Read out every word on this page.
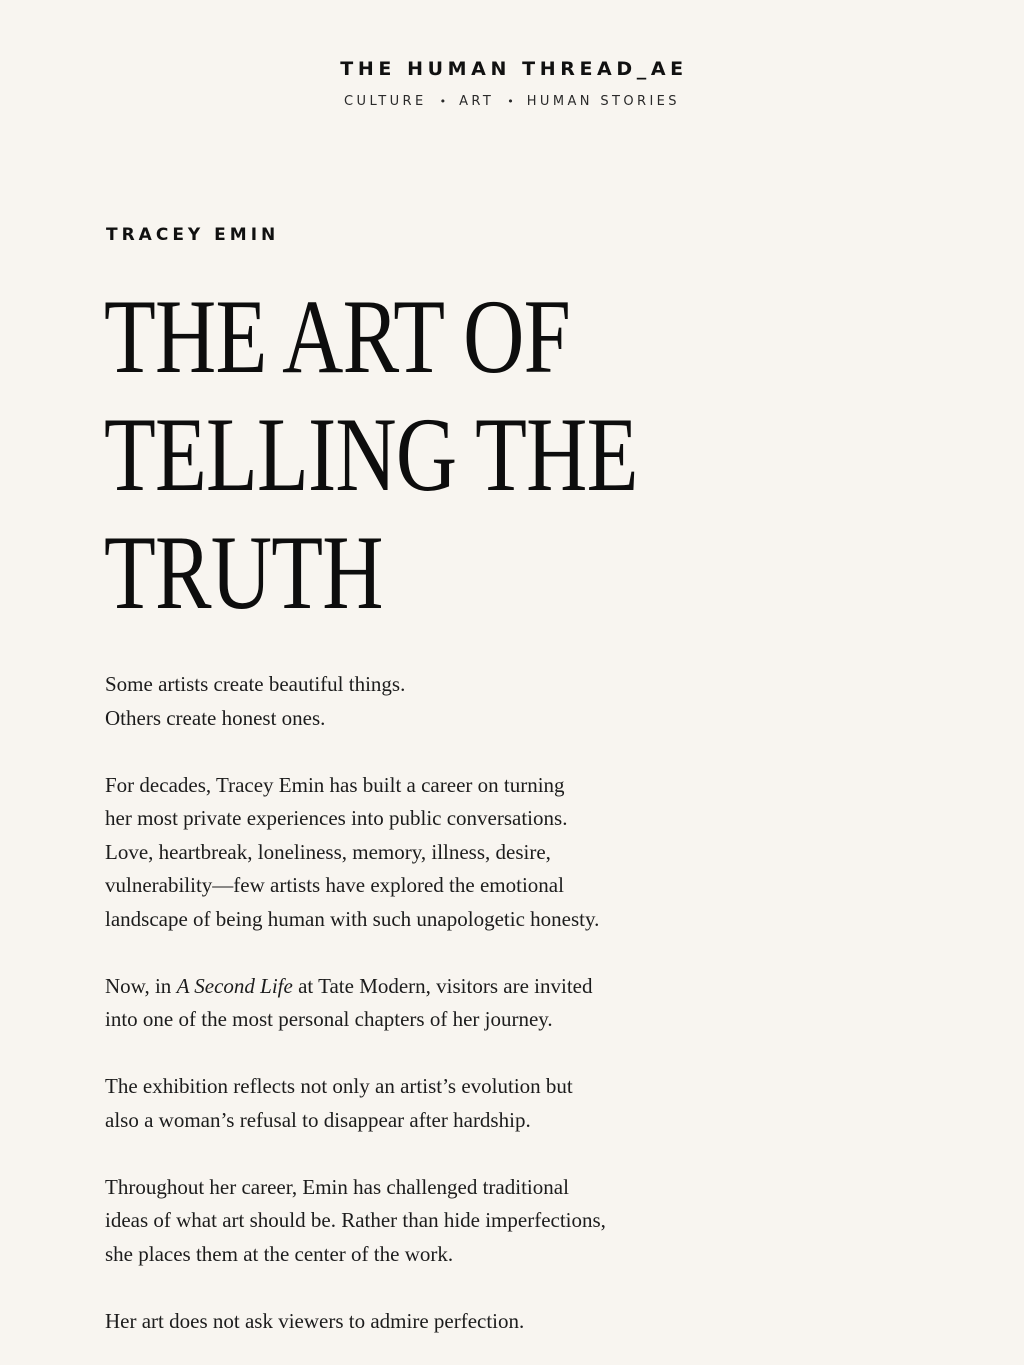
THE HUMAN THREAD_AE
CULTURE • ART • HUMAN STORIES
TRACEY EMIN
THE ART OF
TELLING THE
TRUTH

Some artists create beautiful things.
Others create honest ones.

For decades, Tracey Emin has built a career on turning
her most private experiences into public conversations.
Love, heartbreak, loneliness, memory, illness, desire,
vulnerability—few artists have explored the emotional
landscape of being human with such unapologetic honesty.

Now, in A Second Life at Tate Modern, visitors are invited
into one of the most personal chapters of her journey.

The exhibition reflects not only an artist’s evolution but
also a woman’s refusal to disappear after hardship.

Throughout her career, Emin has challenged traditional
ideas of what art should be. Rather than hide imperfections,
she places them at the center of the work.

Her art does not ask viewers to admire perfection.
